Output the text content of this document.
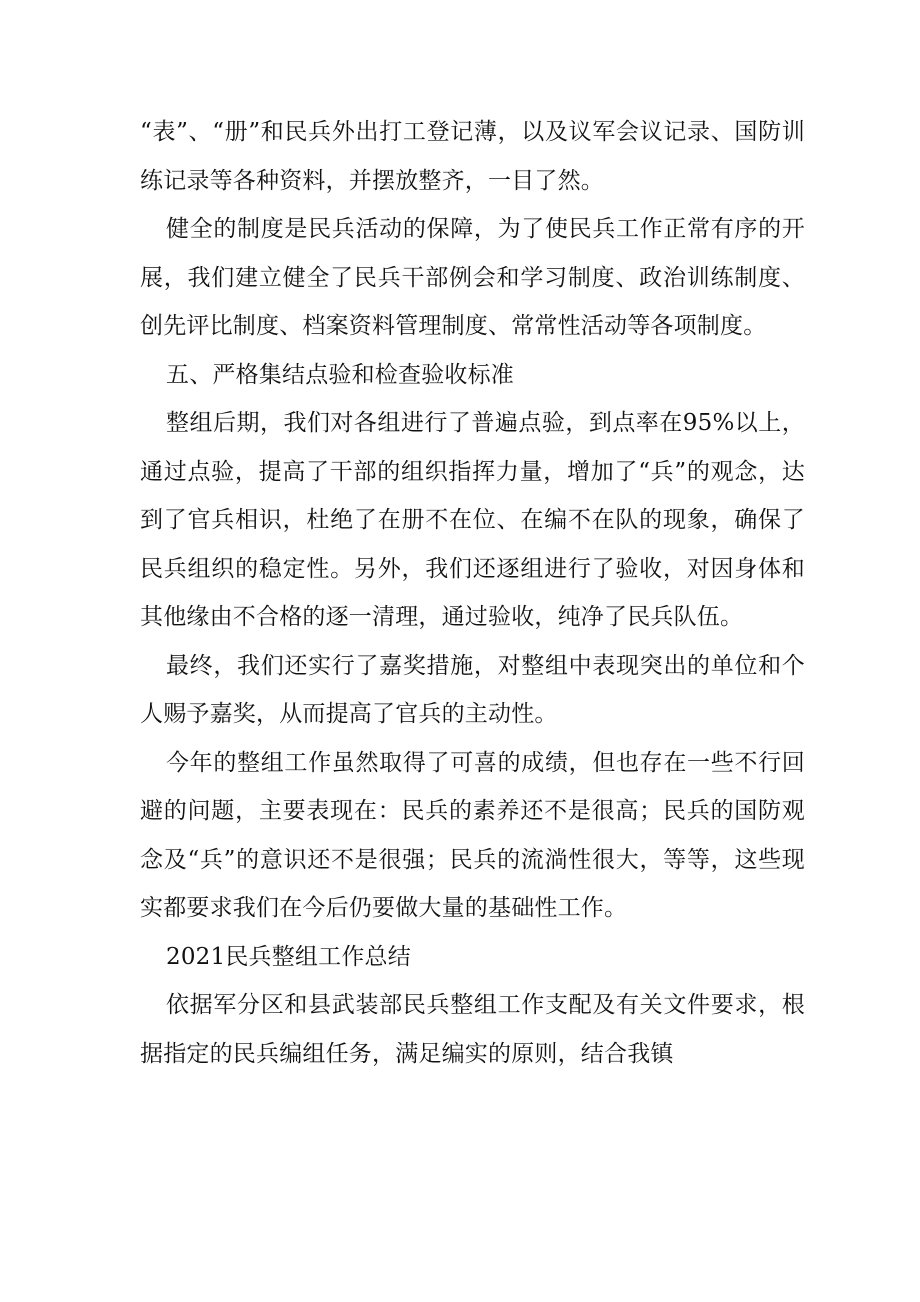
“表”、“册”和民兵外出打工登记薄，以及议军会议记录、国防训练记录等各种资料，并摆放整齐，一目了然。

健全的制度是民兵活动的保障，为了使民兵工作正常有序的开展，我们建立健全了民兵干部例会和学习制度、政治训练制度、创先评比制度、档案资料管理制度、常常性活动等各项制度。

五、严格集结点验和检查验收标准

整组后期，我们对各组进行了普遍点验，到点率在95%以上，通过点验，提高了干部的组织指挥力量，增加了“兵”的观念，达到了官兵相识，杜绝了在册不在位、在编不在队的现象，确保了民兵组织的稳定性。另外，我们还逐组进行了验收，对因身体和其他缘由不合格的逐一清理，通过验收，纯净了民兵队伍。

最终，我们还实行了嘉奖措施，对整组中表现突出的单位和个人赐予嘉奖，从而提高了官兵的主动性。

今年的整组工作虽然取得了可喜的成绩，但也存在一些不行回避的问题，主要表现在：民兵的素养还不是很高；民兵的国防观念及“兵”的意识还不是很强；民兵的流淌性很大，等等，这些现实都要求我们在今后仍要做大量的基础性工作。

2021民兵整组工作总结

依据军分区和县武装部民兵整组工作支配及有关文件要求，根据指定的民兵编组任务，满足编实的原则，结合我镇
